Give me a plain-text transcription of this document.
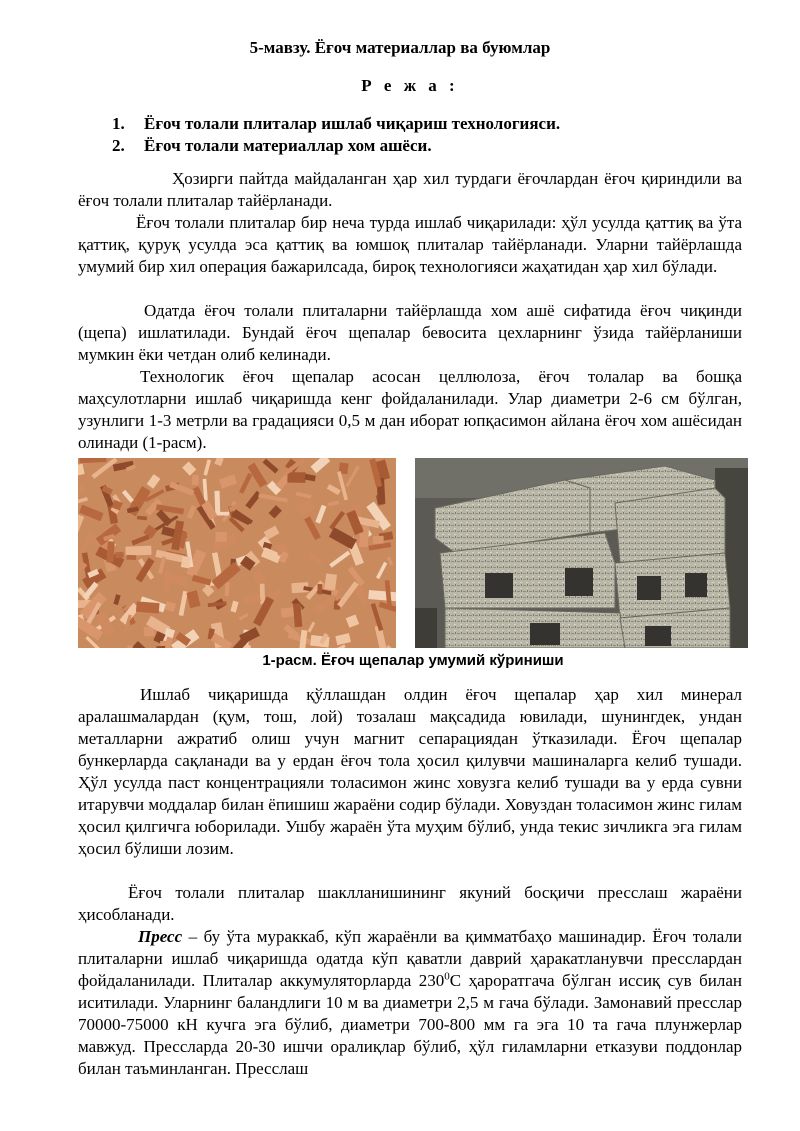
5-мавзу. Ёғоч материаллар ва буюмлар
Р е ж а :
1. Ёғоч толали плиталар ишлаб чиқариш технологияси.
2. Ёғоч толали материаллар хом ашёси.

Ҳозирги пайтда майдаланган ҳар хил турдаги ёғочлардан ёғоч қириндили ва ёғоч толали плиталар тайёрланади.

Ёғоч толали плиталар бир неча турда ишлаб чиқарилади: ҳўл усулда қаттиқ ва ўта қаттиқ, қуруқ усулда эса қаттиқ ва юмшоқ плиталар тайёрланади. Уларни тайёрлашда умумий бир хил операция бажарилсада, бироқ технологияси жаҳатидан ҳар хил бўлади.

Одатда ёғоч толали плиталарни тайёрлашда хом ашё сифатида ёғоч чиқинди (щепа) ишлатилади. Бундай ёғоч щепалар бевосита цехларнинг ўзида тайёрланиши мумкин ёки четдан олиб келинади.

Технологик ёғоч щепалар асосан целлюлоза, ёғоч толалар ва бошқа маҳсулотларни ишлаб чиқаришда кенг фойдаланилади. Улар диаметри 2-6 см бўлган, узунлиги 1-3 метрли ва градацияси 0,5 м дан иборат юпқасимон айлана ёғоч хом ашёсидан олинади (1-расм).

1-расм. Ёғоч щепалар умумий кўриниши

Ишлаб чиқаришда қўллашдан олдин ёғоч щепалар ҳар хил минерал аралашмалардан (қум, тош, лой) тозалаш мақсадида ювилади, шунингдек, ундан металларни ажратиб олиш учун магнит сепарациядан ўтказилади. Ёғоч щепалар бункерларда сақланади ва у ердан ёғоч тола ҳосил қилувчи машиналарга келиб тушади. Ҳўл усулда паст концентрацияли толасимон жинс ховузга келиб тушади ва у ерда сувни итарувчи моддалар билан ёпишиш жараёни содир бўлади. Ховуздан толасимон жинс гилам ҳосил қилгичга юборилади. Ушбу жараён ўта муҳим бўлиб, унда текис зичликга эга гилам ҳосил бўлиши лозим.

Ёғоч толали плиталар шаклланишининг якуний босқичи пресслаш жараёни ҳисобланади.

Пресс – бу ўта мураккаб, кўп жараёнли ва қимматбаҳо машинадир. Ёғоч толали плиталарни ишлаб чиқаришда одатда кўп қаватли даврий ҳаракатланувчи пресслардан фойдаланилади. Плиталар аккумуляторларда $230^0С$ ҳароратгача бўлган иссиқ сув билан иситилади. Уларнинг баландлиги 10 м ва диаметри 2,5 м гача бўлади. Замонавий пресслар 70000-75000 кН кучга эга бўлиб, диаметри 700-800 мм га эга 10 та гача плунжерлар мавжуд. Прессларда 20-30 ишчи оралиқлар бўлиб, ҳўл гиламларни етказуви поддонлар билан таъминланган. Пресслаш
